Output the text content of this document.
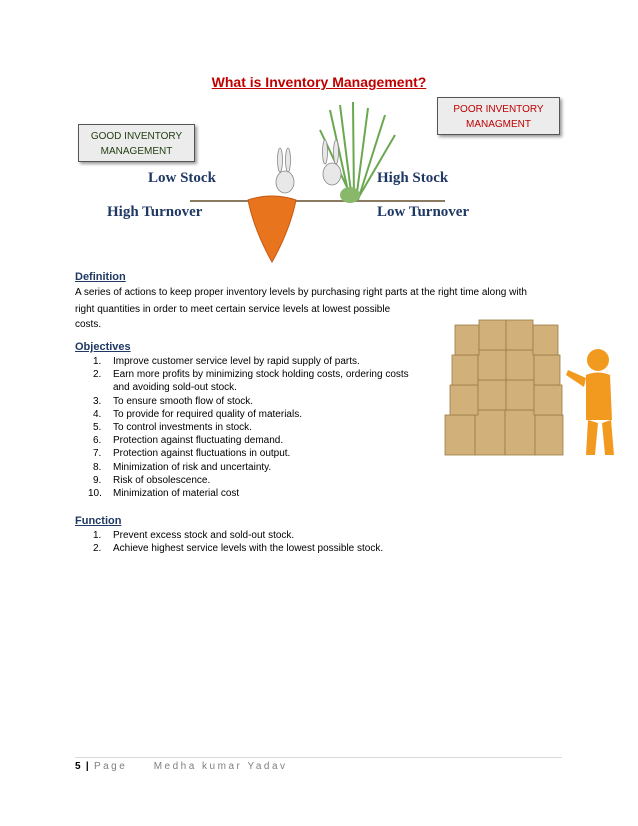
What is Inventory Management?
GOOD INVENTORY MANAGEMENT
POOR INVENTORY MANAGMENT
Low Stock
High Turnover
High Stock
Low Turnover
Definition
A series of actions to keep proper inventory levels by purchasing right parts at the right time along with
right quantities in order to meet certain service levels at lowest possible
costs.
Objectives
1. Improve customer service level by rapid supply of parts.
2. Earn more profits by minimizing stock holding costs, ordering costs
and avoiding sold-out stock.
3. To ensure smooth flow of stock.
4. To provide for required quality of materials.
5. To control investments in stock.
6. Protection against fluctuating demand.
7. Protection against fluctuations in output.
8. Minimization of risk and uncertainty.
9. Risk of obsolescence.
10. Minimization of material cost
Function
1. Prevent excess stock and sold-out stock.
2. Achieve highest service levels with the lowest possible stock.
5 | Page	Medha kumar Yadav
